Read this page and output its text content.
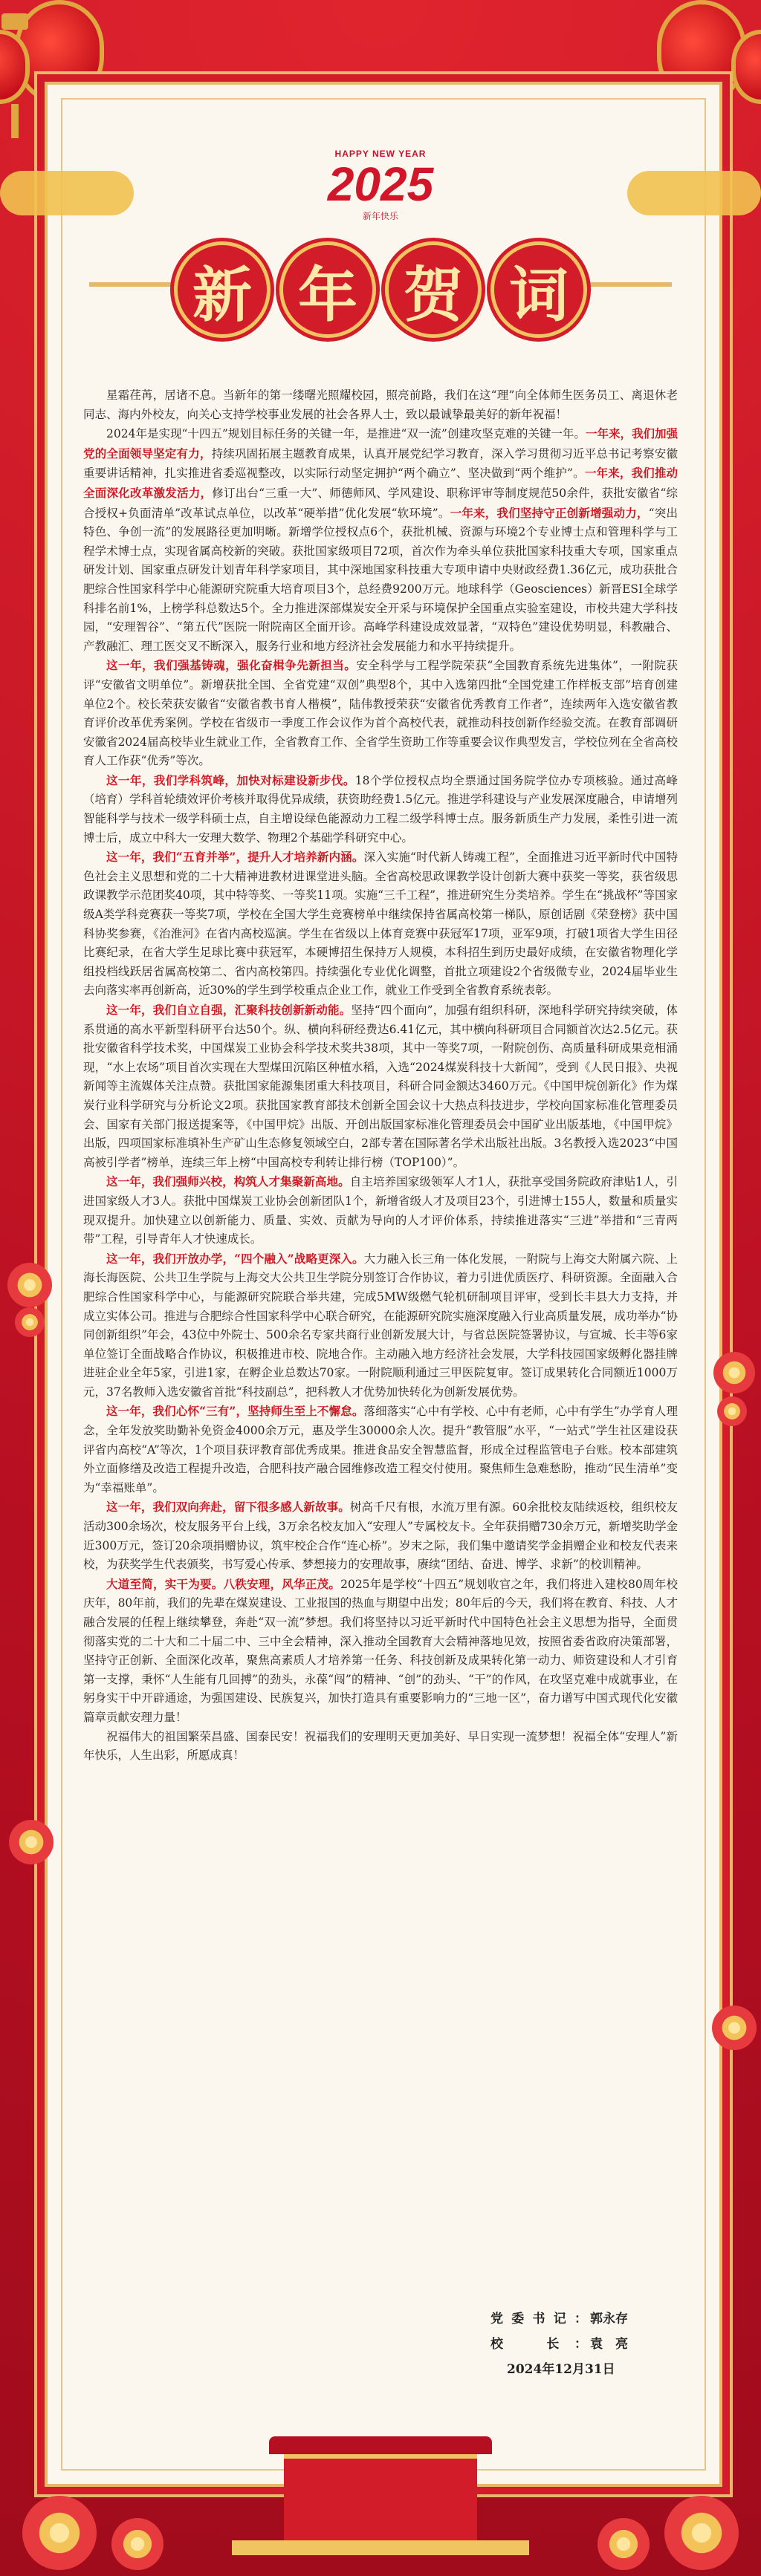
HAPPY NEW YEAR
2025
新年快乐
新 年 贺 词

星霜荏苒，居诸不息。当新年的第一缕曙光照耀校园，照亮前路，我们在这“理”向全体师生医务员工、离退休老同志、海内外校友，向关心支持学校事业发展的社会各界人士，致以最诚挚最美好的新年祝福！

2024年是实现“十四五”规划目标任务的关键一年，是推进“双一流”创建攻坚克难的关键一年。一年来，我们加强党的全面领导坚定有力，持续巩固拓展主题教育成果，认真开展党纪学习教育，深入学习贯彻习近平总书记考察安徽重要讲话精神，扎实推进省委巡视整改，以实际行动坚定拥护“两个确立”、坚决做到“两个维护”。一年来，我们推动全面深化改革激发活力，修订出台“三重一大”、师德师风、学风建设、职称评审等制度规范50余件，获批安徽省“综合授权+负面清单”改革试点单位，以改革“硬举措”优化发展“软环境”。一年来，我们坚持守正创新增强动力，“突出特色、争创一流”的发展路径更加明晰。新增学位授权点6个，获批机械、资源与环境2个专业博士点和管理科学与工程学术博士点，实现省属高校新的突破。获批国家级项目72项，首次作为牵头单位获批国家科技重大专项，国家重点研发计划、国家重点研发计划青年科学家项目，其中深地国家科技重大专项申请中央财政经费1.36亿元，成功获批合肥综合性国家科学中心能源研究院重大培育项目3个，总经费9200万元。地球科学（Geosciences）新晋ESI全球学科排名前1%，上榜学科总数达5个。全力推进深部煤炭安全开采与环境保护全国重点实验室建设，市校共建大学科技园，“安理智谷”、“第五代”医院一附院南区全面开诊。高峰学科建设成效显著，“双特色”建设优势明显，科教融合、产教融汇、理工医交叉不断深入，服务行业和地方经济社会发展能力和水平持续提升。

这一年，我们强基铸魂，强化奋楫争先新担当。安全科学与工程学院荣获“全国教育系统先进集体”，一附院获评“安徽省文明单位”。新增获批全国、全省党建“双创”典型8个，其中入选第四批“全国党建工作样板支部”培育创建单位2个。校长荣获安徽省“安徽省教书育人楷模”，陆伟教授荣获“安徽省优秀教育工作者”，连续两年入选安徽省教育评价改革优秀案例。学校在省级市一季度工作会议作为首个高校代表，就推动科技创新作经验交流。在教育部调研安徽省2024届高校毕业生就业工作，全省教育工作、全省学生资助工作等重要会议作典型发言，学校位列在全省高校育人工作获“优秀”等次。

这一年，我们学科筑峰，加快对标建设新步伐。18个学位授权点均全票通过国务院学位办专项核验。通过高峰（培育）学科首轮绩效评价考核并取得优异成绩，获资助经费1.5亿元。推进学科建设与产业发展深度融合，申请增列智能科学与技术一级学科硕士点，自主增设绿色能源动力工程二级学科博士点。服务新质生产力发展，柔性引进一流博士后，成立中科大一安理大数学、物理2个基础学科研究中心。

这一年，我们“五育并举”，提升人才培养新内涵。深入实施“时代新人铸魂工程”，全面推进习近平新时代中国特色社会主义思想和党的二十大精神进教材进课堂进头脑。全省高校思政课教学设计创新大赛中获奖一等奖，获省级思政课教学示范团奖40项，其中特等奖、一等奖11项。实施“三千工程”，推进研究生分类培养。学生在“挑战杯”等国家级A类学科竞赛获一等奖7项，学校在全国大学生竞赛榜单中继续保持省属高校第一梯队，原创话剧《荣登榜》获中国科协奖参赛，《治淮河》在省内高校巡演。学生在省级以上体育竞赛中获冠军17项，亚军9项，打破1项省大学生田径比赛纪录，在省大学生足球比赛中获冠军，本硬博招生保持万人规模，本科招生到历史最好成绩，在安徽省物理化学组投档线跃居省属高校第二、省内高校第四。持续强化专业优化调整，首批立项建设2个省级微专业，2024届毕业生去向落实率再创新高，近30%的学生到学校重点企业工作，就业工作受到全省教育系统表彰。

这一年，我们自立自强，汇聚科技创新新动能。坚持“四个面向”，加强有组织科研，深地科学研究持续突破，体系贯通的高水平新型科研平台达50个。纵、横向科研经费达6.41亿元，其中横向科研项目合同额首次达2.5亿元。获批安徽省科学技术奖，中国煤炭工业协会科学技术奖共38项，其中一等奖7项，一附院创伤、高质量科研成果竞相涌现，“水上农场”项目首次实现在大型煤田沉陷区种植水稻，入选“2024煤炭科技十大新闻”，受到《人民日报》、央视新闻等主流媒体关注点赞。获批国家能源集团重大科技项目，科研合同金额达3460万元。《中国甲烷创新化》作为煤炭行业科学研究与分析论文2项。获批国家教育部技术创新全国会议十大热点科技进步，学校向国家标准化管理委员会、国家有关部门报送提案等，《中国甲烷》出版、开创出版国家标准化管理委员会中国矿业出版基地，《中国甲烷》出版，四项国家标准填补生产矿山生态修复领域空白，2部专著在国际著名学术出版社出版。3名教授入选2023“中国高被引学者”榜单，连续三年上榜“中国高校专利转让排行榜（TOP100）”。

这一年，我们强师兴校，构筑人才集聚新高地。自主培养国家级领军人才1人，获批享受国务院政府津贴1人，引进国家级人才3人。获批中国煤炭工业协会创新团队1个，新增省级人才及项目23个，引进博士155人，数量和质量实现双提升。加快建立以创新能力、质量、实效、贡献为导向的人才评价体系，持续推进落实“三进”举措和“三青两带”工程，引导青年人才快速成长。

这一年，我们开放办学，“四个融入”战略更深入。大力融入长三角一体化发展，一附院与上海交大附属六院、上海长海医院、公共卫生学院与上海交大公共卫生学院分别签订合作协议，着力引进优质医疗、科研资源。全面融入合肥综合性国家科学中心，与能源研究院联合举共建，完成5MW级燃气轮机研制项目评审，受到长丰县大力支持，并成立实体公司。推进与合肥综合性国家科学中心联合研究，在能源研究院实施深度融入行业高质量发展，成功举办“协同创新组织”年会，43位中外院士、500余名专家共商行业创新发展大计，与省总医院签署协议，与宣城、长丰等6家单位签订全面战略合作协议，积极推进市校、院地合作。主动融入地方经济社会发展，大学科技园国家级孵化器挂牌进驻企业全年5家，引进1家，在孵企业总数达70家。一附院顺利通过三甲医院复审。签订成果转化合同额近1000万元，37名教师入选安徽省首批“科技副总”，把科教人才优势加快转化为创新发展优势。

这一年，我们心怀“三有”，坚持师生至上不懈怠。落细落实“心中有学校、心中有老师，心中有学生”办学育人理念，全年发放奖助勤补免资金4000余万元，惠及学生30000余人次。提升“教管服”水平，“一站式”学生社区建设获评省内高校“A”等次，1个项目获评教育部优秀成果。推进食品安全智慧监督，形成全过程监管电子台账。校本部建筑外立面修缮及改造工程提升改造，合肥科技产融合园维修改造工程交付使用。聚焦师生急难愁盼，推动“民生清单”变为“幸福账单”。

这一年，我们双向奔赴，留下很多感人新故事。树高千尺有根，水流万里有源。60余批校友陆续返校，组织校友活动300余场次，校友服务平台上线，3万余名校友加入“安理人”专属校友卡。全年获捐赠730余万元，新增奖助学金近300万元，签订20余项捐赠协议，筑牢校企合作“连心桥”。岁末之际，我们集中邀请奖学金捐赠企业和校友代表来校，为获奖学生代表颁奖，书写爱心传承、梦想接力的安理故事，赓续“团结、奋进、博学、求新”的校训精神。

大道至简，实干为要。八秩安理，风华正茂。2025年是学校“十四五”规划收官之年，我们将进入建校80周年校庆年，80年前，我们的先辈在煤炭建设、工业报国的热血与期望中出发；80年后的今天，我们将在教育、科技、人才融合发展的任程上继续攀登，奔赴“双一流”梦想。我们将坚持以习近平新时代中国特色社会主义思想为指导，全面贯彻落实党的二十大和二十届二中、三中全会精神，深入推动全国教育大会精神落地见效，按照省委省政府决策部署，坚持守正创新、全面深化改革，聚焦高素质人才培养第一任务、科技创新及成果转化第一动力、师资建设和人才引育第一支撑，秉怀“人生能有几回搏”的劲头，永葆“闯”的精神、“创”的劲头、“干”的作风，在攻坚克难中成就事业，在躬身实干中开辟通途，为强国建设、民族复兴，加快打造具有重要影响力的“三地一区”，奋力谱写中国式现代化安徽篇章贡献安理力量！

祝福伟大的祖国繁荣昌盛、国泰民安！祝福我们的安理明天更加美好、早日实现一流梦想！祝福全体“安理人”新年快乐，人生出彩，所愿成真！

党委书记： 郭永存
校　长： 袁　亮
2024年12月31日
